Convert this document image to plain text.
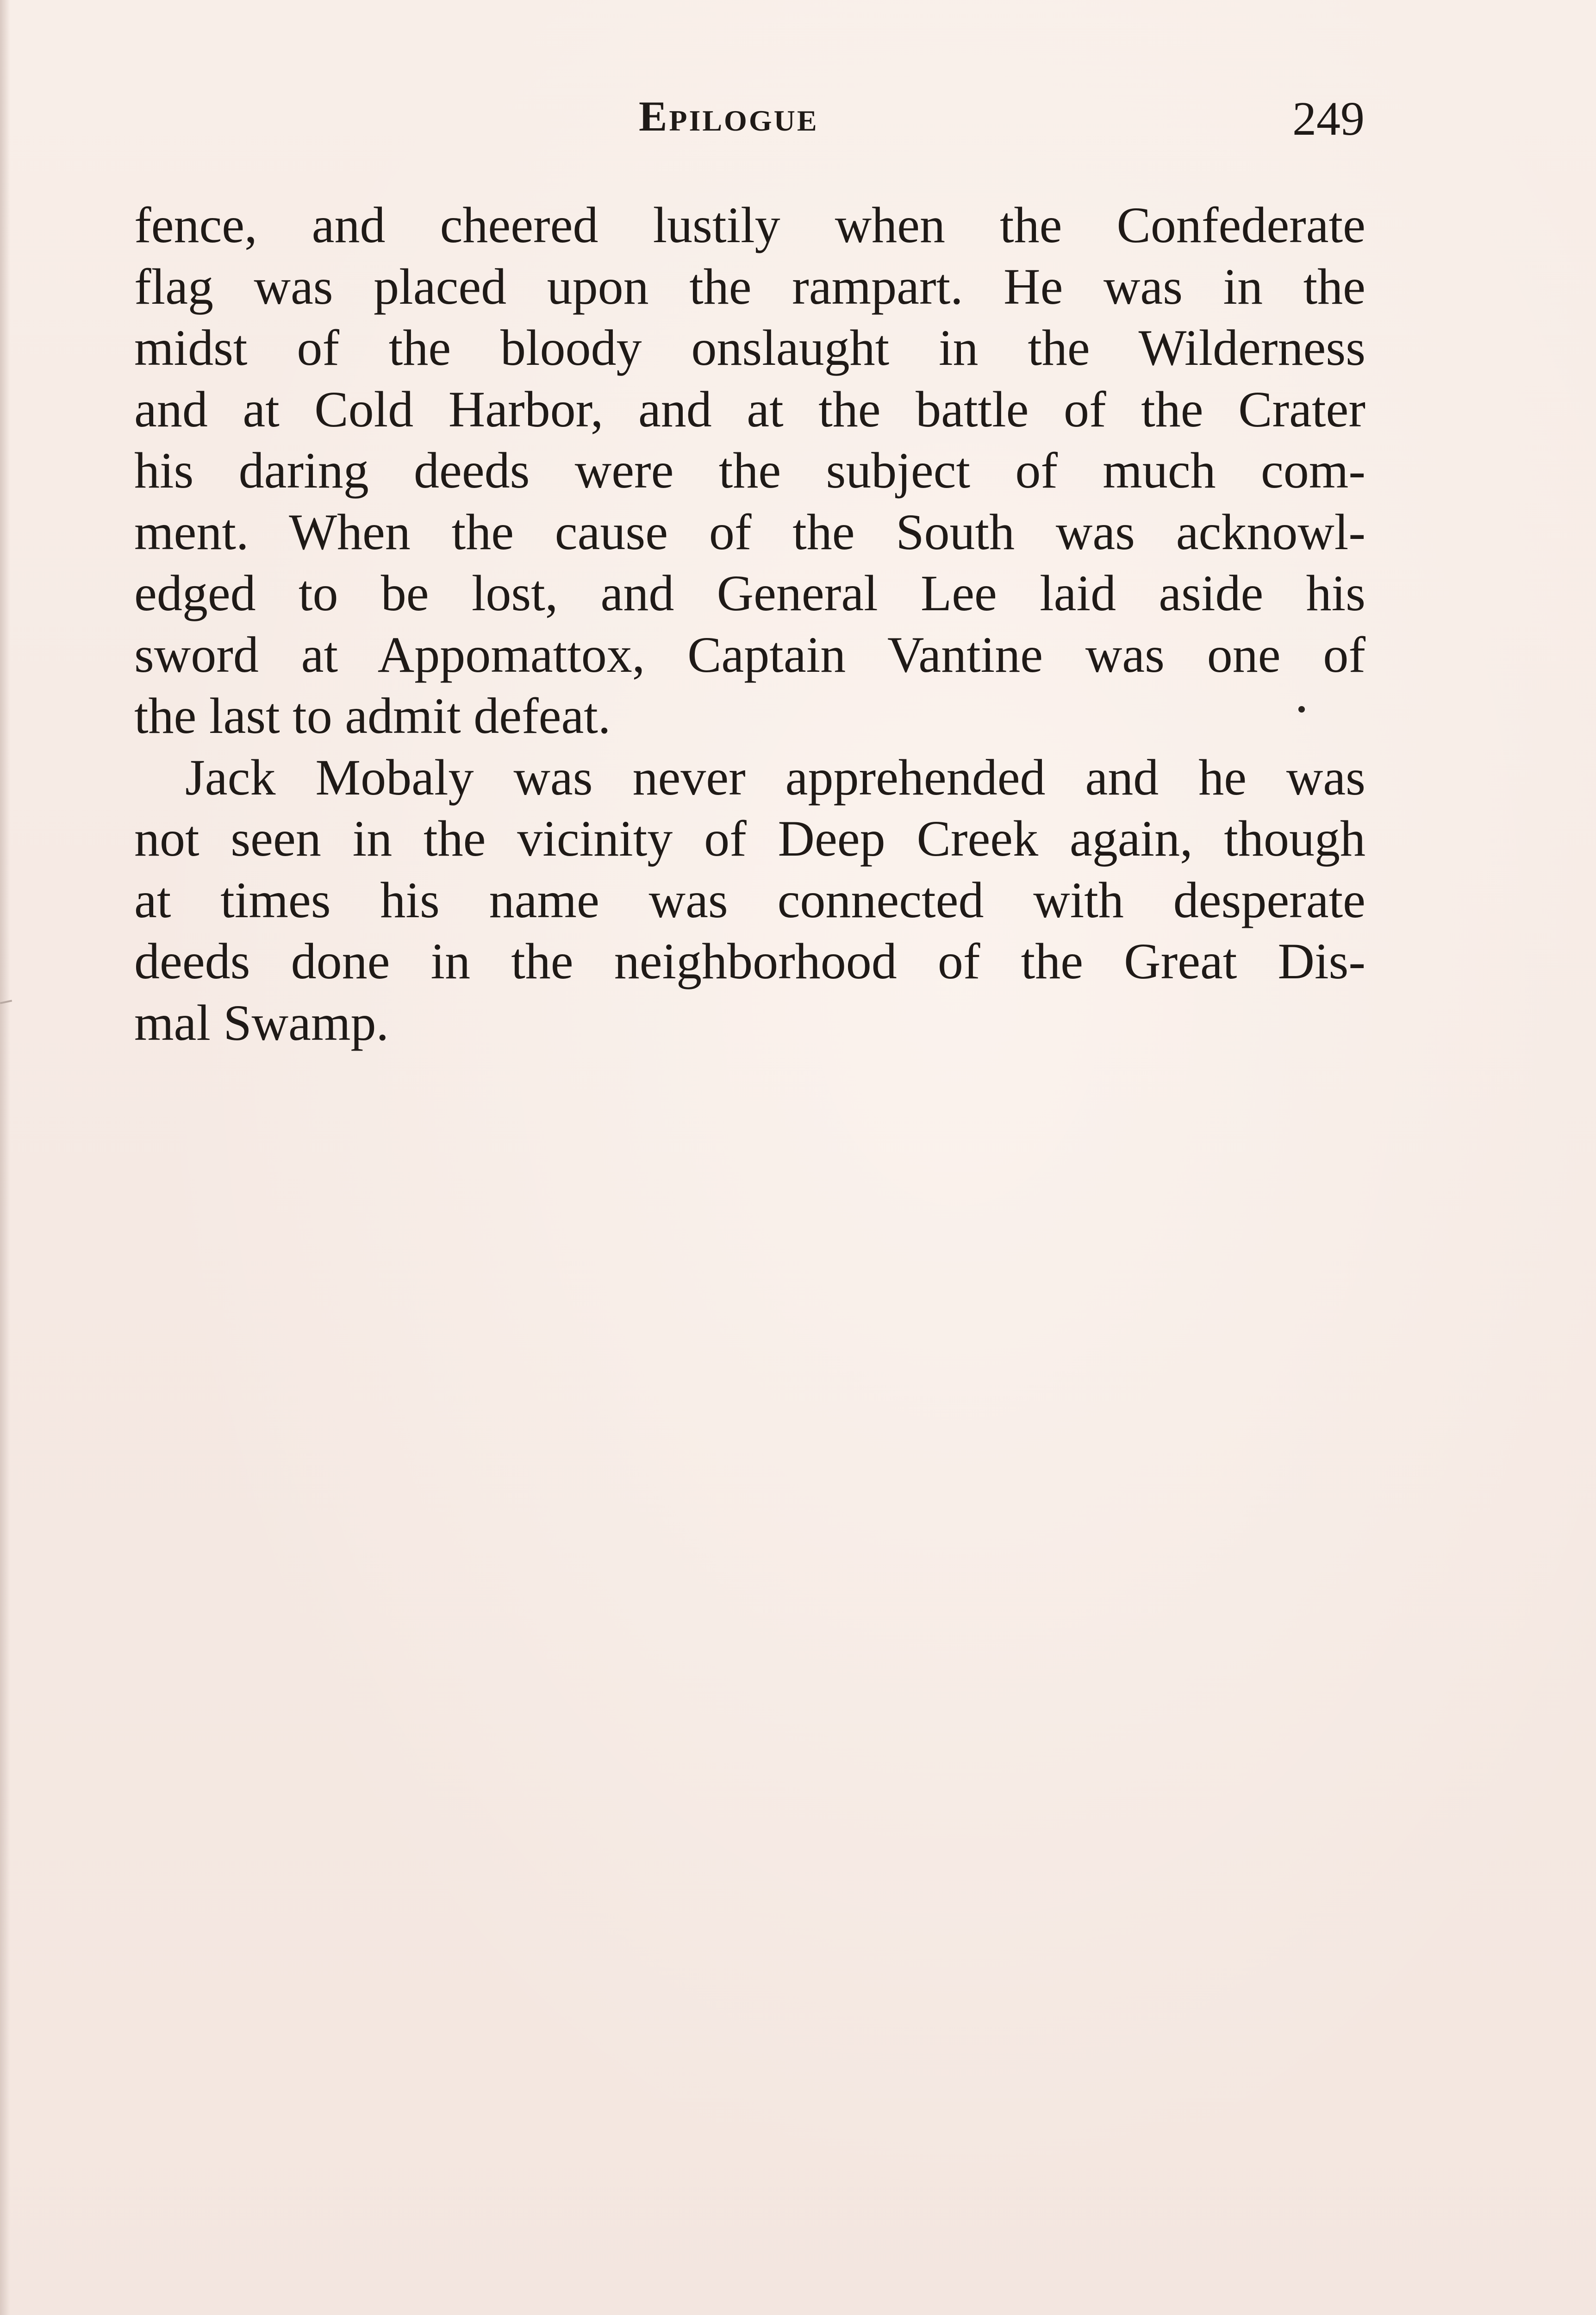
Epilogue	249

fence, and cheered lustily when the Confederate
flag was placed upon the rampart. He was in the
midst of the bloody onslaught in the Wilderness
and at Cold Harbor, and at the battle of the Crater
his daring deeds were the subject of much com-
ment. When the cause of the South was acknowl-
edged to be lost, and General Lee laid aside his
sword at Appomattox, Captain Vantine was one of
the last to admit defeat.

Jack Mobaly was never apprehended and he was
not seen in the vicinity of Deep Creek again, though
at times his name was connected with desperate
deeds done in the neighborhood of the Great Dis-
mal Swamp.
